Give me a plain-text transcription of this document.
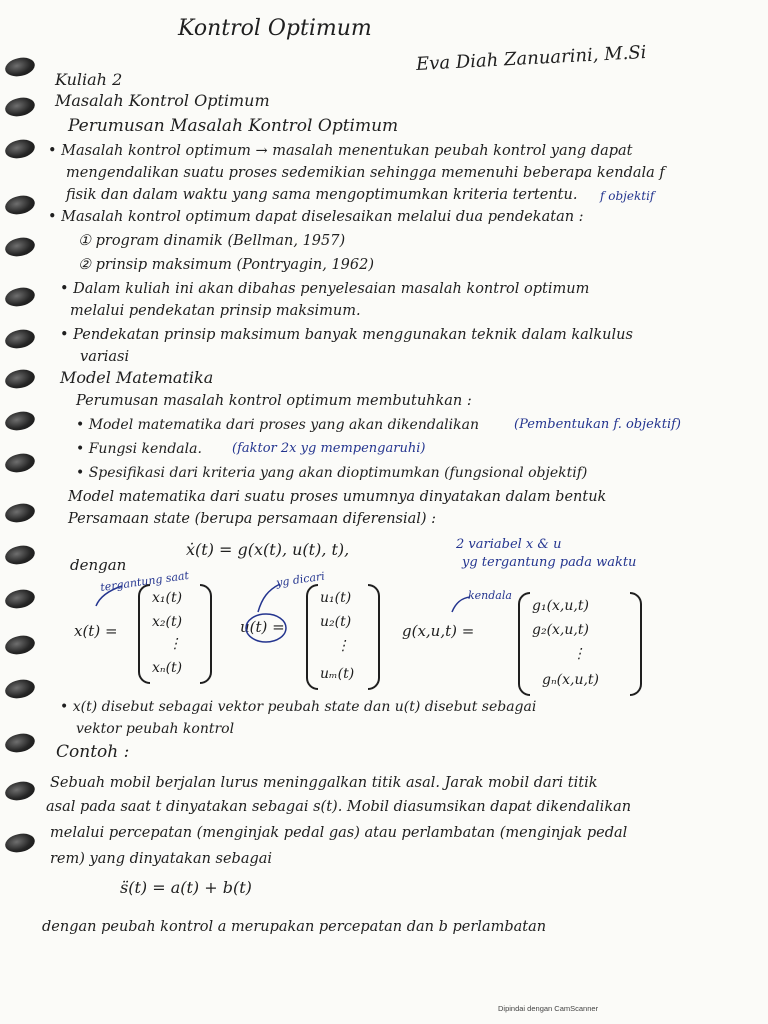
Kontrol Optimum
Eva Diah Zanuarini, M.Si
Kuliah 2
Masalah Kontrol Optimum
Perumusan Masalah Kontrol Optimum
• Masalah kontrol optimum → masalah menentukan peubah kontrol yang dapat
mengendalikan suatu proses sedemikian sehingga memenuhi beberapa kendala f
f objektif
fisik dan dalam waktu yang sama mengoptimumkan kriteria tertentu.
• Masalah kontrol optimum dapat diselesaikan melalui dua pendekatan :
① program dinamik (Bellman, 1957)
② prinsip maksimum (Pontryagin, 1962)
• Dalam kuliah ini akan dibahas penyelesaian masalah kontrol optimum
melalui pendekatan prinsip maksimum.
• Pendekatan prinsip maksimum banyak menggunakan teknik dalam kalkulus
variasi
Model Matematika
Perumusan masalah kontrol optimum membutuhkan :
• Model matematika dari proses yang akan dikendalikan	(Pembentukan f. objektif)
• Fungsi kendala. (faktor 2x yg mempengaruhi)
• Spesifikasi dari kriteria yang akan dioptimumkan (fungsional objektif)
Model matematika dari suatu proses umumnya dinyatakan dalam bentuk
Persamaan state (berupa persamaan diferensial) :
ẋ(t) = g(x(t), u(t), t),	2 variabel x & u
yg tergantung pada waktu
dengan
tergantung saat	yg dicari
kendala
x(t) =
x₁(t)
x₂(t)
⋮
xₙ(t)
u(t) =
u₁(t)
u₂(t)
⋮
uₘ(t)
g(x,u,t) =
g₁(x,u,t)
g₂(x,u,t)
⋮
gₙ(x,u,t)
• x(t) disebut sebagai vektor peubah state dan u(t) disebut sebagai
vektor peubah kontrol
Contoh :
Sebuah mobil berjalan lurus meninggalkan titik asal. Jarak mobil dari titik
asal pada saat t dinyatakan sebagai s(t). Mobil diasumsikan dapat dikendalikan
melalui percepatan (menginjak pedal gas) atau perlambatan (menginjak pedal
rem) yang dinyatakan sebagai
s̈(t) = a(t) + b(t)
dengan peubah kontrol a merupakan percepatan dan b perlambatan
Dipindai dengan CamScanner
